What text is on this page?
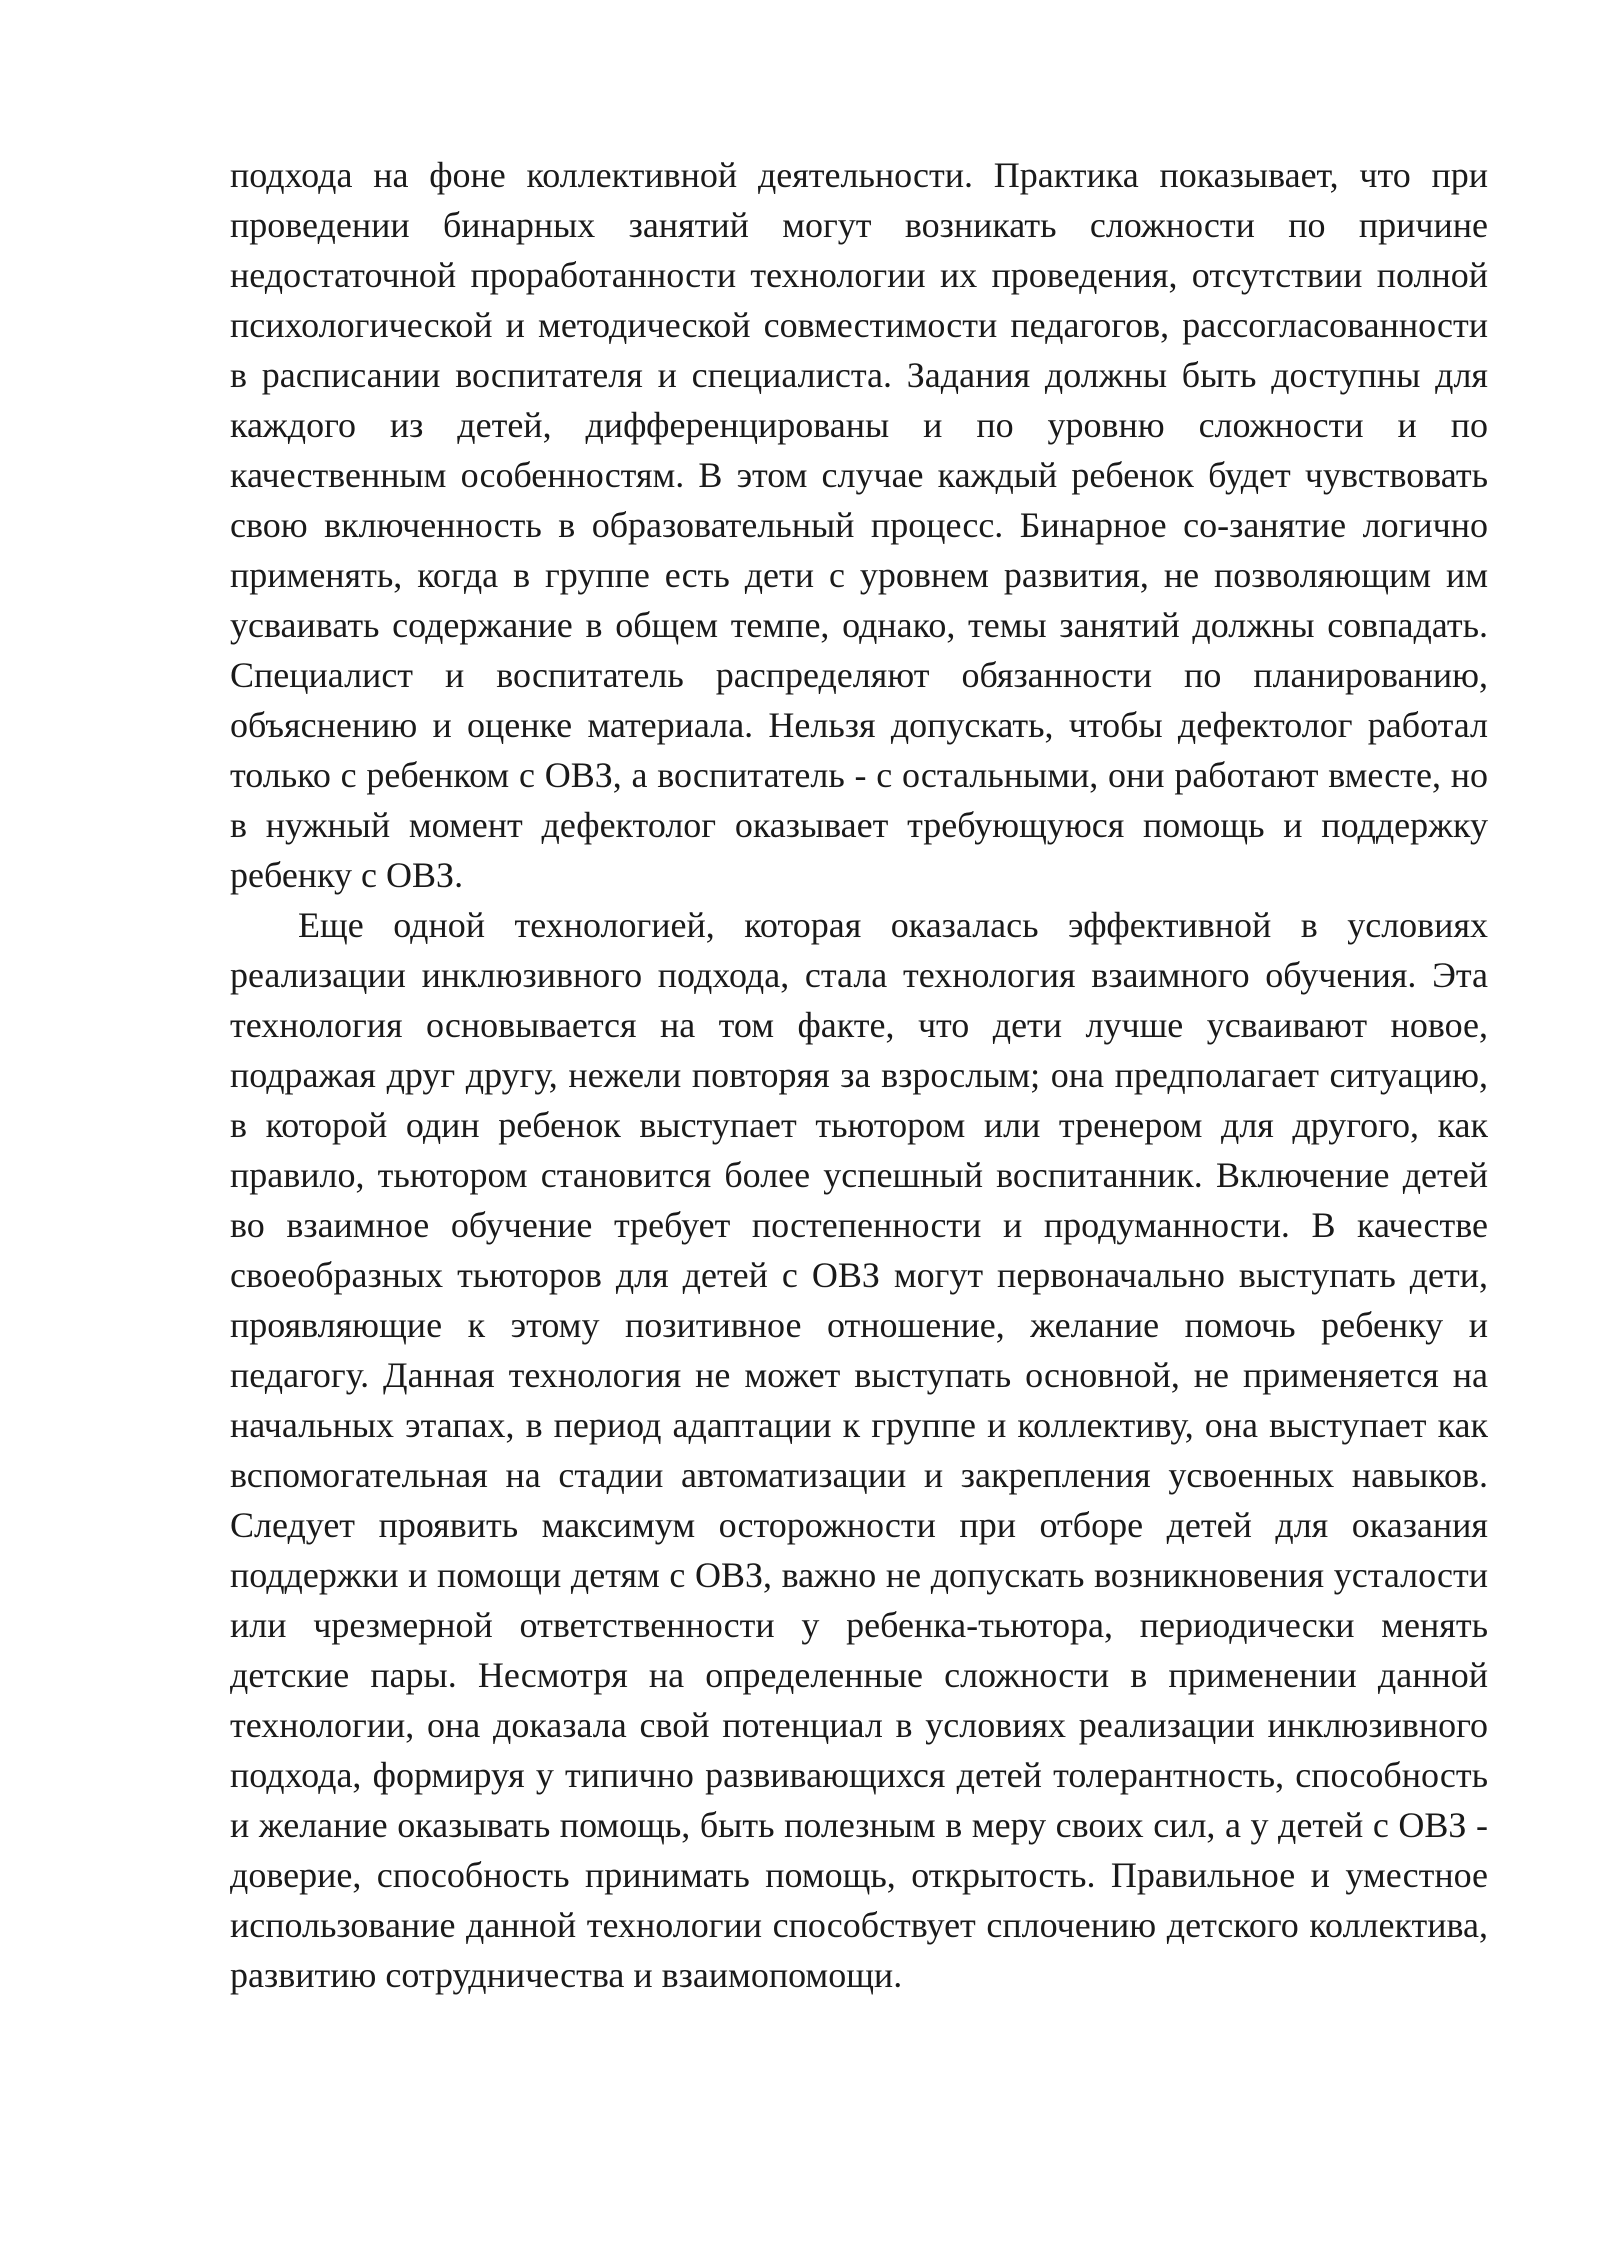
подхода на фоне коллективной деятельности. Практика показывает, что при проведении бинарных занятий могут возникать сложности по причине недостаточной проработанности технологии их проведения, отсутствии полной психологической и методической совместимости педагогов, рассогласованности в расписании воспитателя и специалиста. Задания должны быть доступны для каждого из детей, дифференцированы и по уровню сложности и по качественным особенностям. В этом случае каждый ребенок будет чувствовать свою включенность в образовательный процесс. Бинарное со-занятие логично применять, когда в группе есть дети с уровнем развития, не позволяющим им усваивать содержание в общем темпе, однако, темы занятий должны совпадать. Специалист и воспитатель распределяют обязанности по планированию, объяснению и оценке материала. Нельзя допускать, чтобы дефектолог работал только с ребенком с ОВЗ, а воспитатель - с остальными, они работают вместе, но в нужный момент дефектолог оказывает требующуюся помощь и поддержку ребенку с ОВЗ.

Еще одной технологией, которая оказалась эффективной в условиях реализации инклюзивного подхода, стала технология взаимного обучения. Эта технология основывается на том факте, что дети лучше усваивают новое, подражая друг другу, нежели повторяя за взрослым; она предполагает ситуацию, в которой один ребенок выступает тьютором или тренером для другого, как правило, тьютором становится более успешный воспитанник. Включение детей во взаимное обучение требует постепенности и продуманности. В качестве своеобразных тьюторов для детей с ОВЗ могут первоначально выступать дети, проявляющие к этому позитивное отношение, желание помочь ребенку и педагогу. Данная технология не может выступать основной, не применяется на начальных этапах, в период адаптации к группе и коллективу, она выступает как вспомогательная на стадии автоматизации и закрепления усвоенных навыков. Следует проявить максимум осторожности при отборе детей для оказания поддержки и помощи детям с ОВЗ, важно не допускать возникновения усталости или чрезмерной ответственности у ребенка-тьютора, периодически менять детские пары. Несмотря на определенные сложности в применении данной технологии, она доказала свой потенциал в условиях реализации инклюзивного подхода, формируя у типично развивающихся детей толерантность, способность и желание оказывать помощь, быть полезным в меру своих сил, а у детей с ОВЗ - доверие, способность принимать помощь, открытость. Правильное и уместное использование данной технологии способствует сплочению детского коллектива, развитию сотрудничества и взаимопомощи.
